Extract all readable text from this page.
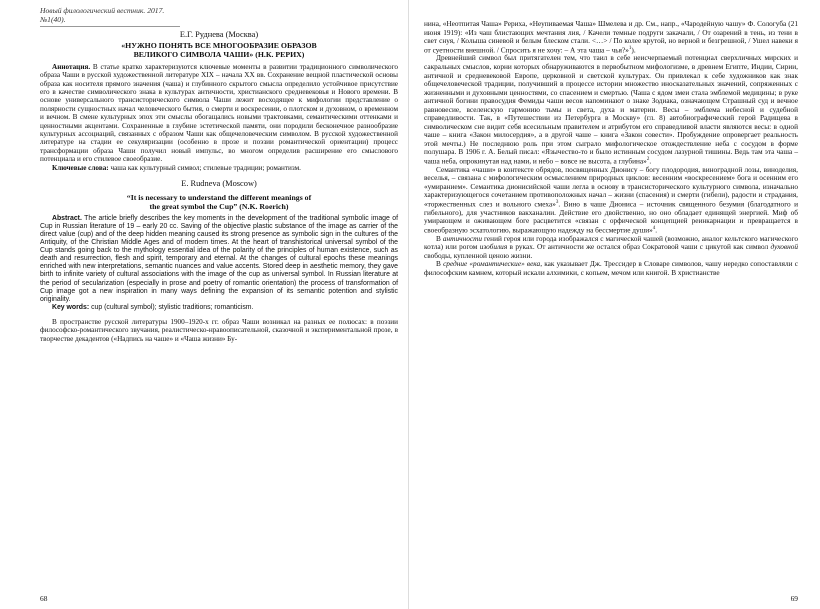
Новый филологический вестник. 2017. №1(40).
Е.Г. Руднева (Москва)
«НУЖНО ПОНЯТЬ ВСЕ МНОГООБРАЗИЕ ОБРАЗОВ
ВЕЛИКОГО СИМВОЛА ЧАШИ» (Н.К. РЕРИХ)

Аннотация. В статье кратко характеризуются ключевые моменты в развитии традиционного символического образа Чаши в русской художественной литературе XIX – начала XX вв. Сохранение вещной пластической основы образа как носителя прямого значения (чаша) и глубинного скрытого смысла определило устойчивое присутствие его в качестве символического знака в культурах античности, христианского средневековья и Нового времени. В основе универсального трансисторического символа Чаши лежит восходящее к мифологии представление о полярности сущностных начал человеческого бытия, о смерти и воскресении, о плотском и духовном, о временном и вечном. В смене культурных эпох эти смыслы обогащались новыми трактовками, семантическими оттенками и ценностными акцентами. Сохраненные в глубине эстетической памяти, они породили бесконечное разнообразие культурных ассоциаций, связанных с образом Чаши как общечеловеческим символом. В русской художественной литературе на стадии ее секуляризации (особенно в прозе и поэзии романтической ориентации) процесс трансформации образа Чаши получил новый импульс, во многом определив расширение его смыслового потенциала и его стилевое своеобразие.

Ключевые слова: чаша как культурный символ; стилевые традиции; романтизм.

E. Rudneva (Moscow)
“It is necessary to understand the different meanings of
the great symbol the Cup” (N.K. Roerich)

Abstract. The article briefly describes the key moments in the development of the traditional symbolic image of Cup in Russian literature of 19 – early 20 cc. Saving of the objective plastic substance of the image as carrier of the direct value (cup) and of the deep hidden meaning caused its strong presence as symbolic sign in the cultures of the Antiquity, of the Christian Middle Ages and of modern times. At the heart of transhistorical universal symbol of the Cup stands going back to the mythology essential idea of the polarity of the principles of human existence, such as death and resurrection, flesh and spirit, temporary and eternal. At the changes of cultural epochs these meanings enriched with new interpretations, semantic nuances and value accents. Stored deep in aesthetic memory, they gave birth to infinite variety of cultural associations with the image of the cup as universal symbol. In Russian literature at the period of secularization (especially in prose and poetry of romantic orientation) the process of transformation of Cup image got a new inspiration in many ways defining the expansion of its semantic potention and stylistic originality.

Key words: cup (cultural symbol); stylistic traditions; romanticism.

В пространстве русской литературы 1900–1920-х гг. образ Чаши возникал на разных ее полюсах: в поэзии философско-романтического звучания, реалистическо-нравоописательной, сказочной и экспериментальной прозе, в творчестве декадентов («Надпись на чаше» и «Чаша жизни» Бу-

68

нина, «Неотпитая Чаша» Рериха, «Неупиваемая Чаша» Шмелева и др. См., напр., «Чародейную чашу» Ф. Сологуба (21 июня 1919): «Из чаш блистающих мечтания лия, / Качели темные подруги закачали, / От озарений в тень, из тени в свет снуя, / Колыша синевой и белым блеском стали. <…> / По колее крутой, но верной и безгрешной, / Ушел навеки я от суетности внешной. / Спросить я не хочу: – А эта чаша – чья?»$^1$).

Древнейший символ был притягателен тем, что таил в себе неисчерпаемый потенциал сверхличных мирских и сакральных смыслов, корни которых обнаруживаются в первобытном мифологизме, в древнем Египте, Индии, Сирии, античной и средневековой Европе, церковной и светской культурах. Он привлекал к себе художников как знак общечеловеческой традиции, получивший в процессе истории множество иносказательных значений, сопряженных с жизненными и духовными ценностями, со спасением и смертью. (Чаша с ядом змеи стала эмблемой медицины; в руке античной богини правосудия Фемиды чаши весов напоминают о знаке Зодиака, означающем Страшный суд и вечное равновесие, вселенскую гармонию тьмы и света, духа и материи. Весы – эмблема небесной и судебной справедливости. Так, в «Путешествии из Петербурга в Москву» (гл. 8) автобиографический герой Радищева в символическом сне видит себя всесильным правителем и атрибутом его справедливой власти являются весы: в одной чаше – книга «Закон милосердия», а в другой чаше – книга «Закон совести». Пробуждение опровергает реальность этой мечты.) Не последнюю роль при этом сыграло мифологическое отождествление неба с сосудом в форме полушара. В 1906 г. А. Белый писал: «Язычество-то и было истинным сосудом лазурной тишины. Ведь там эта чаша – чаша неба, опрокинутая над нами, и небо – вовсе не высота, а глубина»$^2$.

Семантика «чаши» в контексте обрядов, посвященных Дионису – богу плодородия, виноградной лозы, виноделия, веселья, – связана с мифологическим осмыслением природных циклов: весенним «воскресением» бога и осенним его «умиранием». Семантика дионисийской чаши легла в основу в трансисторического культурного символа, изначально характеризующегося сочетанием противоположных начал – жизни (спасения) и смерти (гибели), радости и страдания, «торжественных слез и вольного смеха»$^3$. Вино в чаше Диониса – источник священного безумия (благодатного и гибельного), для участников вакханалии. Действие его двойственно, но оно обладает единящей энергией. Миф об умирающем и оживающем боге расцветится «связан с орфической концепцией реинкарнации и превращается в своеобразную эсхатологию, выражающую надежду на бессмертие души»$^4$.

В античности гений героя или города изображался с магической чашей (возможно, аналог кельтского магического котла) или рогом изобилия в руках. От античности же остался образ Сократовой чаши с цикутой как символ духовной свободы, купленной ценою жизни.

В средние «романтические» века, как указывает Дж. Трессидер в Словаре символов, чашу нередко сопоставляли с философским камнем, который искали алхимики, с копьем, мечом или книгой. В христианстве

69
